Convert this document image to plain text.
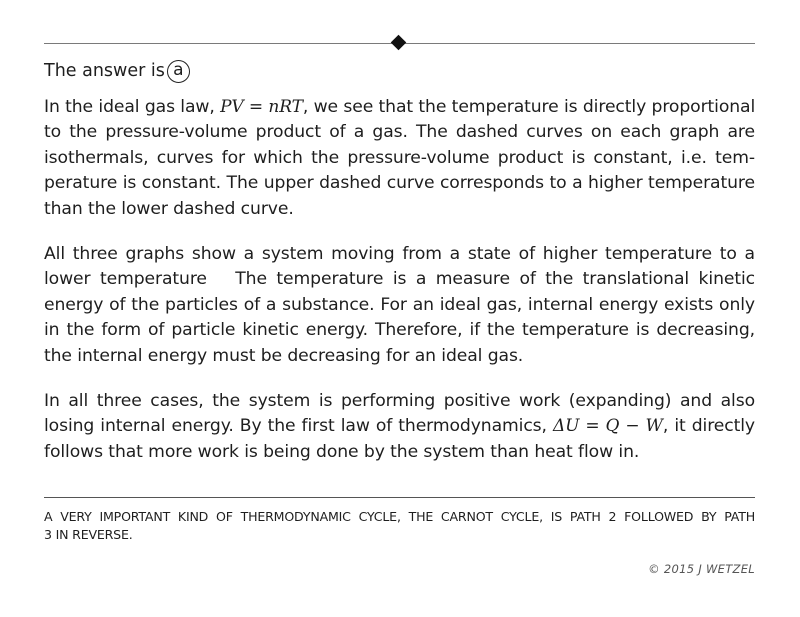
The answer is a
In the ideal gas law, PV = nRT, we see that the temperature is directly proportional
to the pressure-volume product of a gas. The dashed curves on each graph are
isothermals, curves for which the pressure-volume product is constant, i.e. tem-
perature is constant. The upper dashed curve corresponds to a higher temperature
than the lower dashed curve.
All three graphs show a system moving from a state of higher temperature to a
lower temperature   The temperature is a measure of the translational kinetic
energy of the particles of a substance. For an ideal gas, internal energy exists only
in the form of particle kinetic energy. Therefore, if the temperature is decreasing,
the internal energy must be decreasing for an ideal gas.
In all three cases, the system is performing positive work (expanding) and also
losing internal energy. By the first law of thermodynamics, ΔU = Q − W, it directly
follows that more work is being done by the system than heat flow in.
A VERY IMPORTANT KIND OF THERMODYNAMIC CYCLE, THE CARNOT CYCLE, IS PATH 2 FOLLOWED BY PATH
3 IN REVERSE.
© 2015 J WETZEL
